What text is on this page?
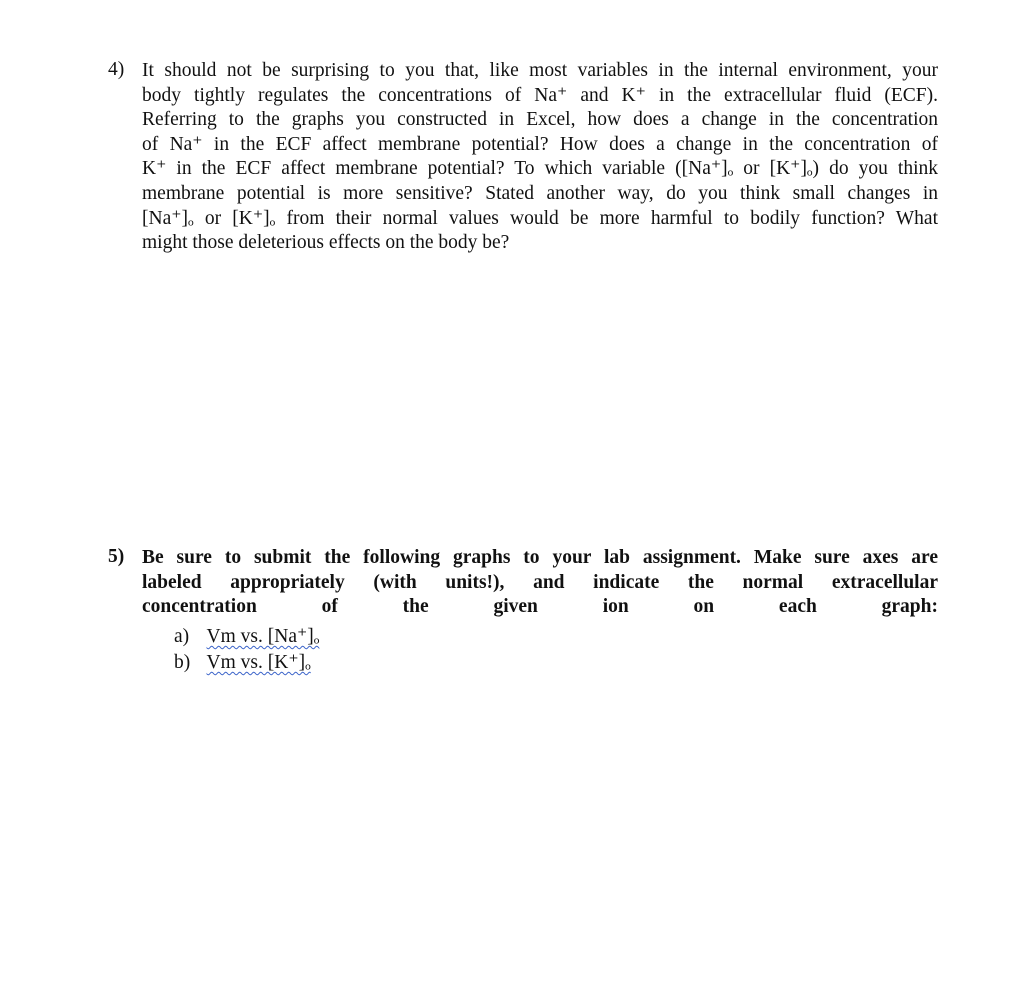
4) It should not be surprising to you that, like most variables in the internal environment, your
body tightly regulates the concentrations of Na⁺ and K⁺ in the extracellular fluid (ECF).
Referring to the graphs you constructed in Excel, how does a change in the concentration
of Na⁺ in the ECF affect membrane potential? How does a change in the concentration of
K⁺ in the ECF affect membrane potential? To which variable ([Na⁺]ₒ or [K⁺]ₒ) do you think
membrane potential is more sensitive? Stated another way, do you think small changes in
[Na⁺]ₒ or [K⁺]ₒ from their normal values would be more harmful to bodily function? What
might those deleterious effects on the body be?
5) Be sure to submit the following graphs to your lab assignment. Make sure axes are
labeled appropriately (with units!), and indicate the normal extracellular
concentration of the given ion on each graph:
a) Vm vs. [Na⁺]ₒ
b) Vm vs. [K⁺]ₒ
